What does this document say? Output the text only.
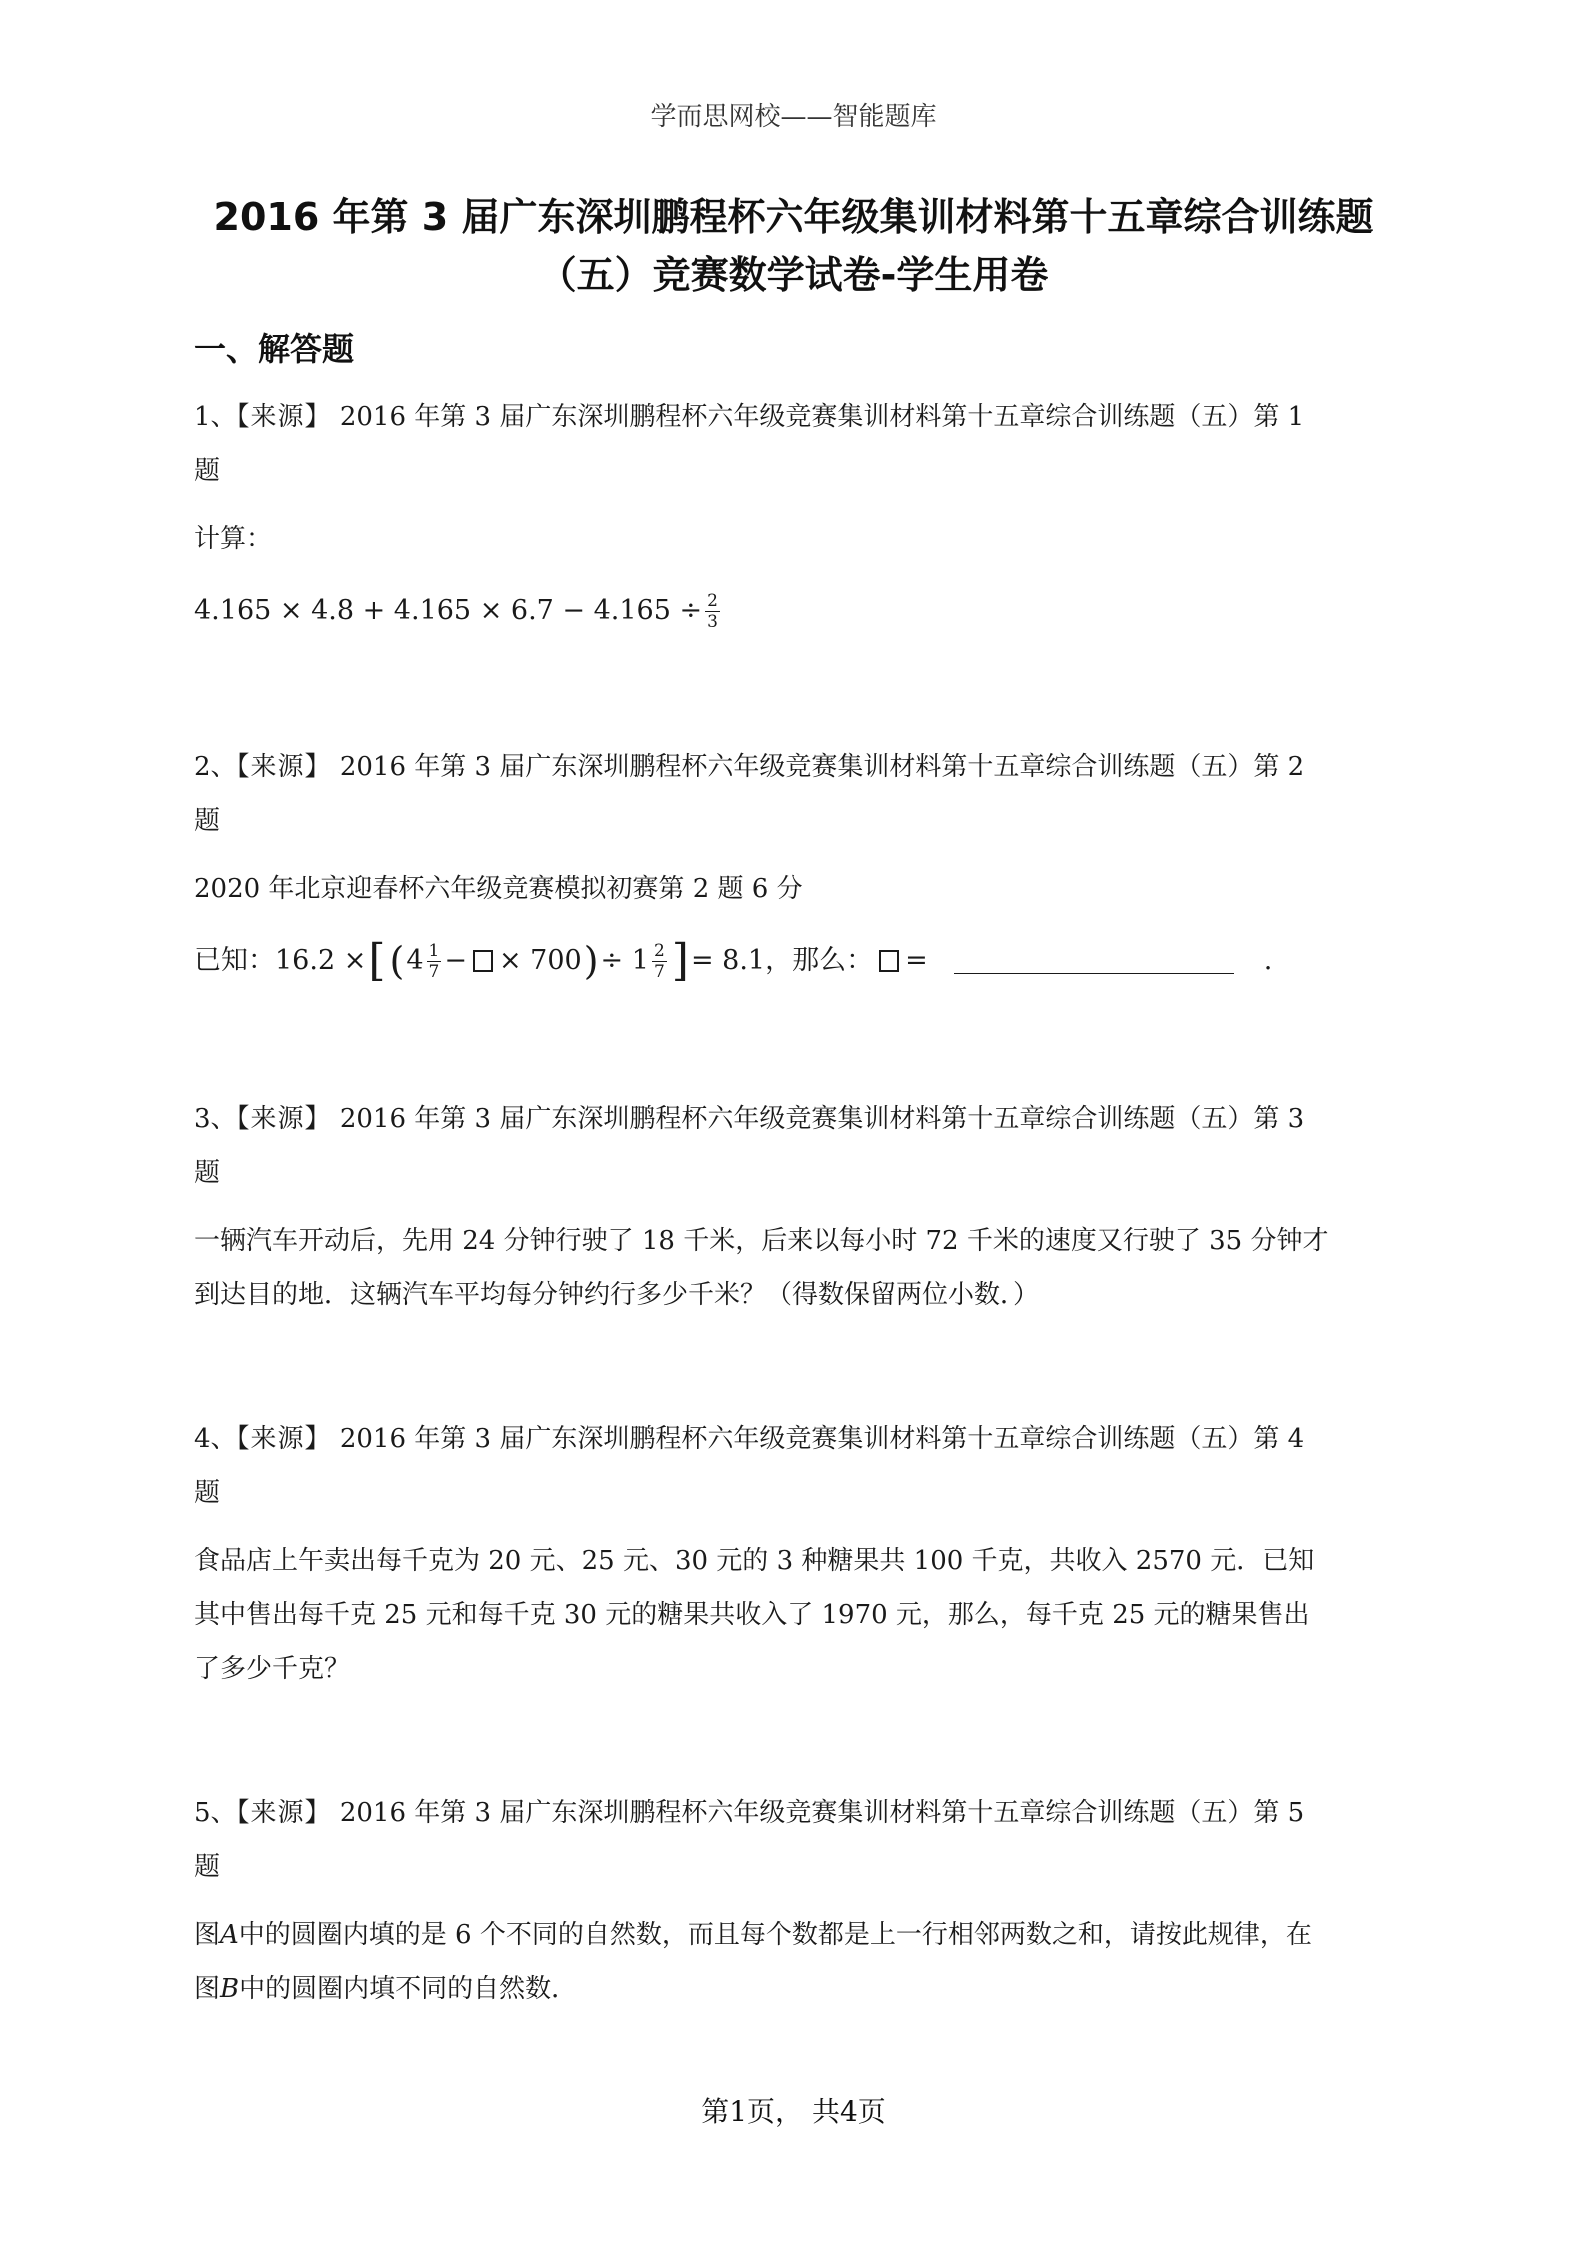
学而思网校——智能题库
2016 年第 3 届广东深圳鹏程杯六年级集训材料第十五章综合训练题
（五）竞赛数学试卷-学生用卷
一、解答题

1、【来源】 2016 年第 3 届广东深圳鹏程杯六年级竞赛集训材料第十五章综合训练题（五）第 1

题

计算：

$4.165 \times 4.8 + 4.165 \times 6.7 - 4.165 \div \frac{2}{3}$

2、【来源】 2016 年第 3 届广东深圳鹏程杯六年级竞赛集训材料第十五章综合训练题（五）第 2

题

2020 年北京迎春杯六年级竞赛模拟初赛第 2 题 6 分

已知：16.2 × [ ( $4 \frac{1}{7}$ − × 700 ) ÷ $1 \frac{2}{7}$ ] = 8.1，那么： =	.

3、【来源】 2016 年第 3 届广东深圳鹏程杯六年级竞赛集训材料第十五章综合训练题（五）第 3

题

一辆汽车开动后，先用 24 分钟行驶了 18 千米，后来以每小时 72 千米的速度又行驶了 35 分钟才

到达目的地．这辆汽车平均每分钟约行多少千米？（得数保留两位小数．）

4、【来源】 2016 年第 3 届广东深圳鹏程杯六年级竞赛集训材料第十五章综合训练题（五）第 4

题

食品店上午卖出每千克为 20 元、25 元、30 元的 3 种糖果共 100 千克，共收入 2570 元．已知

其中售出每千克 25 元和每千克 30 元的糖果共收入了 1970 元，那么，每千克 25 元的糖果售出

了多少千克？

5、【来源】 2016 年第 3 届广东深圳鹏程杯六年级竞赛集训材料第十五章综合训练题（五）第 5

题

图𝐴中的圆圈内填的是 6 个不同的自然数，而且每个数都是上一行相邻两数之和，请按此规律，在

图𝐵中的圆圈内填不同的自然数．

第1页， 共4页
